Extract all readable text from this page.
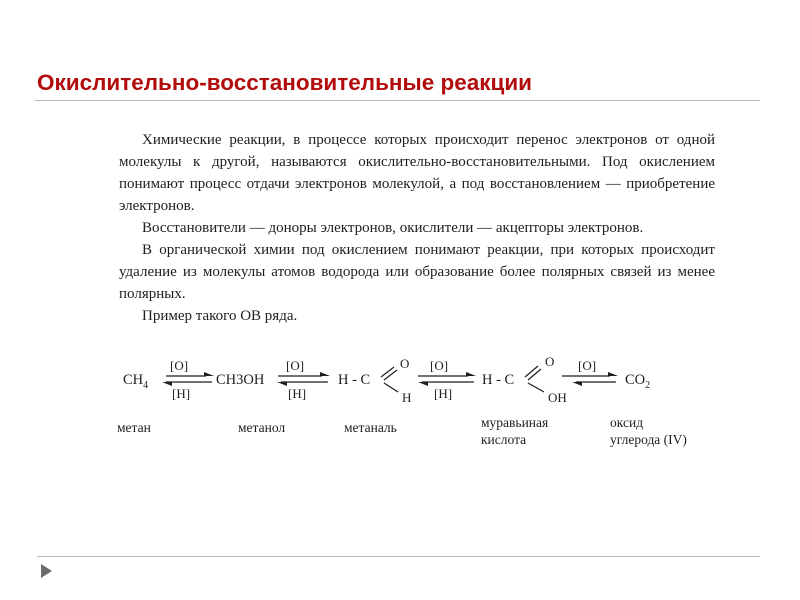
Окислительно-восстановительные реакции

Химические реакции, в процессе которых происходит перенос электронов от одной молекулы к другой, называются окислительно-восстановительными. Под окислением понимают процесс отдачи электронов молекулой, а под восстановлением — приобретение электронов.

Восстановители — доноры электронов, окислители — акцепторы электронов.

В органической химии под окислением понимают реакции, при которых происходит удаление из молекулы атомов водорода или образование более полярных связей из менее полярных.

Пример такого ОВ ряда.

$CH_4$
[O]
[H]
CH3OH
[O]
[H]
H - C
O
H
[O]
[H]
H - C
O
OH
[O]
$CO_2$
метан	метанол	метаналь	муравьиная
кислота
оксид
углерода (IV)
